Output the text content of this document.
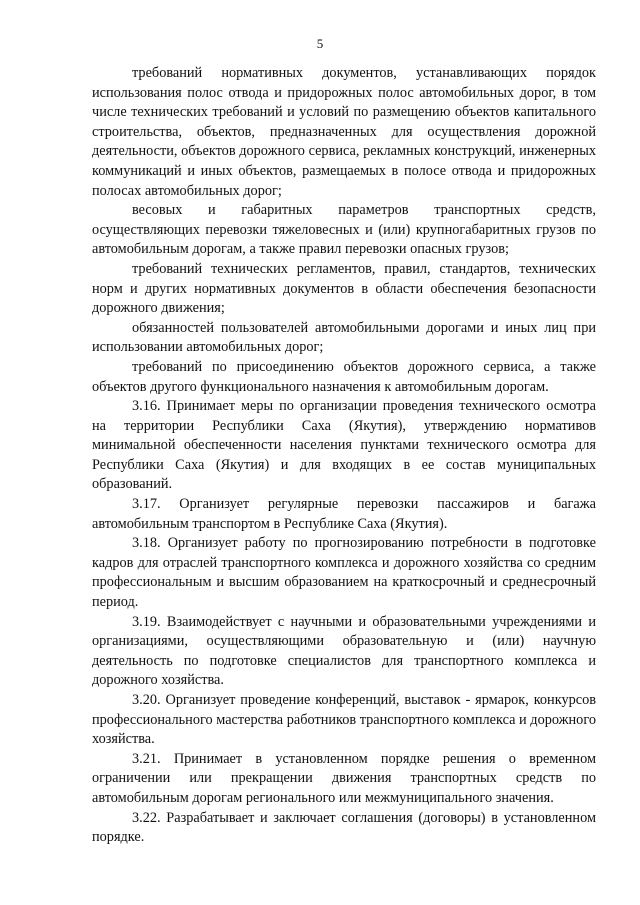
5

требований нормативных документов, устанавливающих порядок использования полос отвода и придорожных полос автомобильных дорог, в том числе технических требований и условий по размещению объектов капитального строительства, объектов, предназначенных для осуществления дорожной деятельности, объектов дорожного сервиса, рекламных конструкций, инженерных коммуникаций и иных объектов, размещаемых в полосе отвода и придорожных полосах автомобильных дорог;

весовых и габаритных параметров транспортных средств, осуществляющих перевозки тяжеловесных и (или) крупногабаритных грузов по автомобильным дорогам, а также правил перевозки опасных грузов;

требований технических регламентов, правил, стандартов, технических норм и других нормативных документов в области обеспечения безопасности дорожного движения;

обязанностей пользователей автомобильными дорогами и иных лиц при использовании автомобильных дорог;

требований по присоединению объектов дорожного сервиса, а также объектов другого функционального назначения к автомобильным дорогам.

3.16. Принимает меры по организации проведения технического осмотра на территории Республики Саха (Якутия), утверждению нормативов минимальной обеспеченности населения пунктами технического осмотра для Республики Саха (Якутия) и для входящих в ее состав муниципальных образований.

3.17. Организует регулярные перевозки пассажиров и багажа автомобильным транспортом в Республике Саха (Якутия).

3.18. Организует работу по прогнозированию потребности в подготовке кадров для отраслей транспортного комплекса и дорожного хозяйства со средним профессиональным и высшим образованием на краткосрочный и среднесрочный период.

3.19. Взаимодействует с научными и образовательными учреждениями и организациями, осуществляющими образовательную и (или) научную деятельность по подготовке специалистов для транспортного комплекса и дорожного хозяйства.

3.20. Организует проведение конференций, выставок - ярмарок, конкурсов профессионального мастерства работников транспортного комплекса и дорожного хозяйства.

3.21. Принимает в установленном порядке решения о временном ограничении или прекращении движения транспортных средств по автомобильным дорогам регионального или межмуниципального значения.

3.22. Разрабатывает и заключает соглашения (договоры) в установленном порядке.
